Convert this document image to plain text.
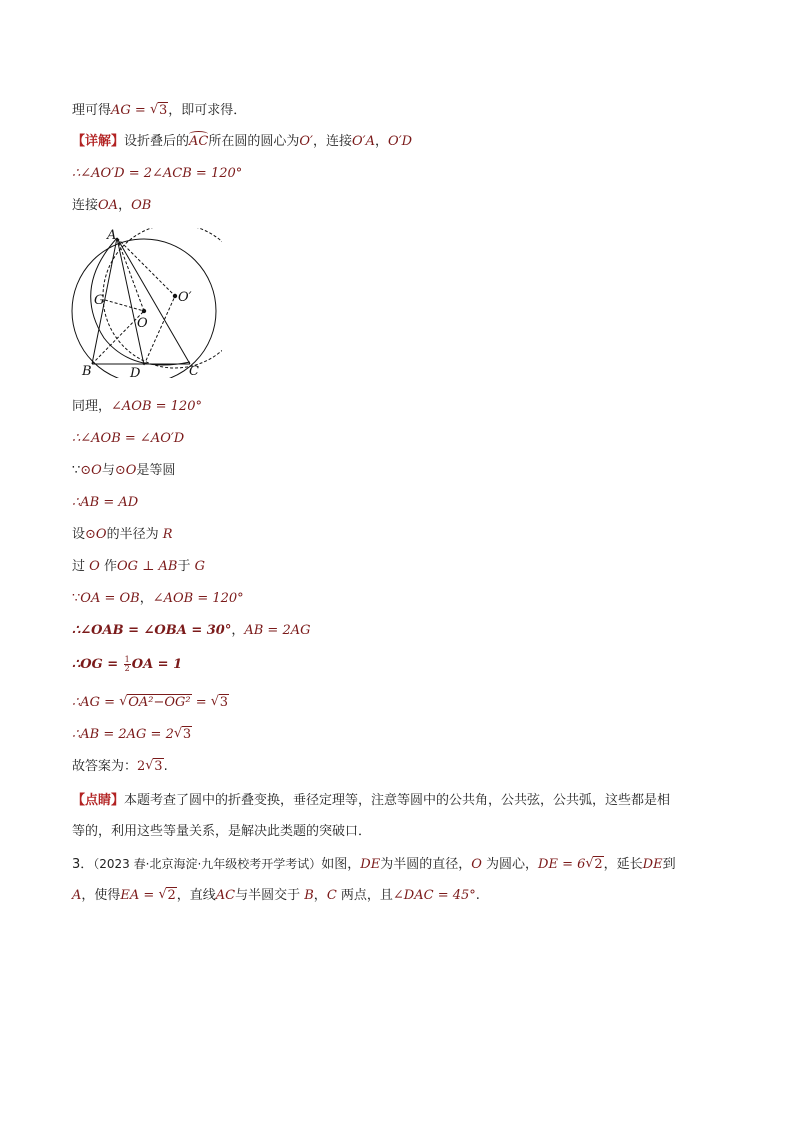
理可得AG = √ 3，即可求得．
【详解】设折叠后的AC所在圆的圆心为O′，连接O′A，O′D
∴∠AO′D = 2∠ACB = 120°
连接OA，OB
A
B	C
D
G
O
O′
同理，∠AOB = 120°
∴∠AOB = ∠AO′D
∵⊙O与⊙O是等圆
∴AB = AD
设⊙O的半径为 R
过 O 作OG ⊥ AB于 G
∵OA = OB，∠AOB = 120°
∴∠OAB = ∠OBA = 30°，AB = 2AG
∴OG = $\frac{1}{2}$ OA = 1
∴AG = √ OA²−OG² = √ 3
∴AB = 2AG = 2 √ 3
故答案为：2 √ 3.
【点睛】本题考查了圆中的折叠变换，垂径定理等，注意等圆中的公共角，公共弦，公共弧，这些都是相
等的，利用这些等量关系，是解决此类题的突破口．
3．（2023 春·北京海淀·九年级校考开学考试）如图，DE为半圆的直径，O 为圆心，DE = 6 √ 2，延长DE到
A，使得EA = √ 2，直线AC与半圆交于 B，C 两点，且∠DAC = 45°.
